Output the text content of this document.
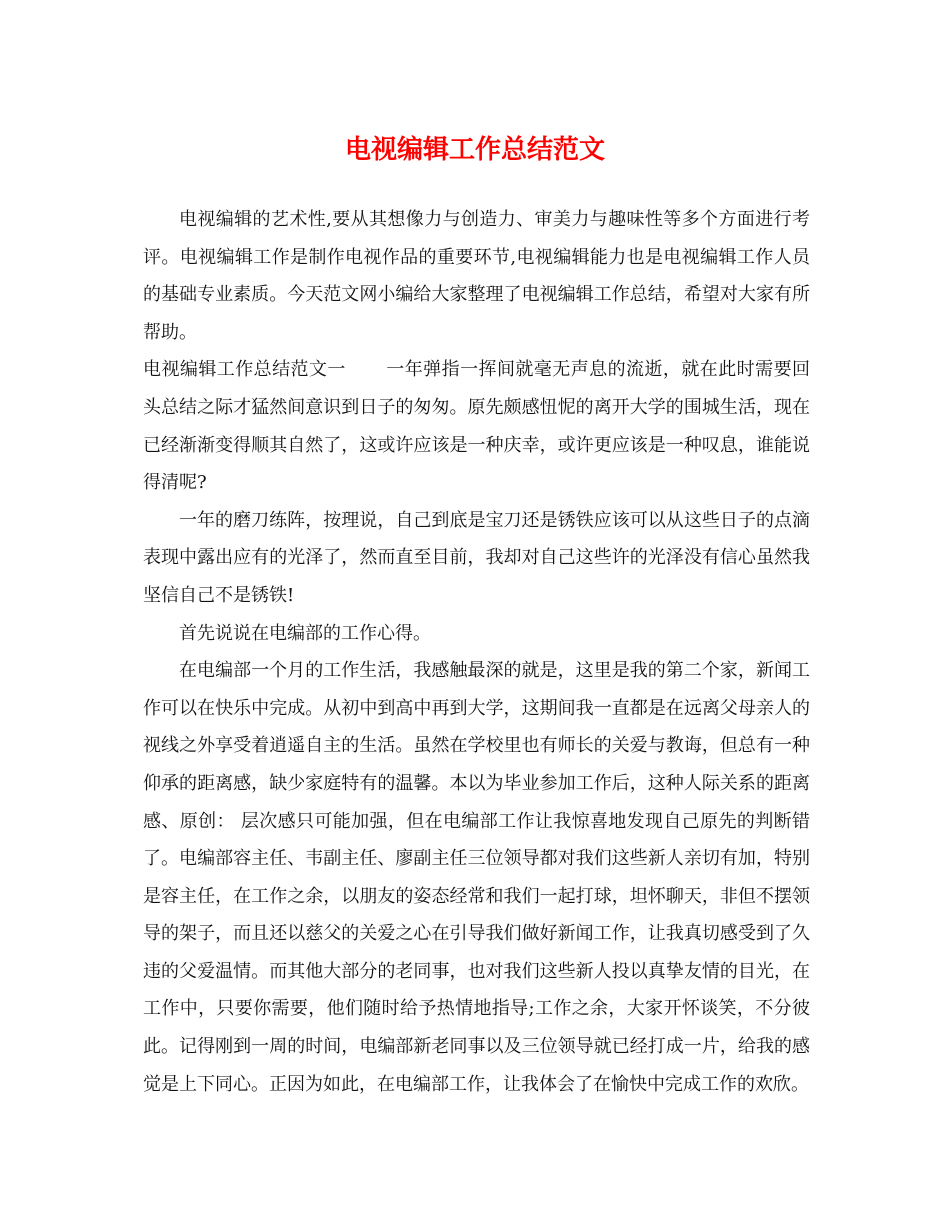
电视编辑工作总结范文

电视编辑的艺术性,要从其想像力与创造力、审美力与趣味性等多个方面进行考评。电视编辑工作是制作电视作品的重要环节,电视编辑能力也是电视编辑工作人员的基础专业素质。今天范文网小编给大家整理了电视编辑工作总结，希望对大家有所帮助。

电视编辑工作总结范文一 一年弹指一挥间就毫无声息的流逝，就在此时需要回头总结之际才猛然间意识到日子的匆匆。原先颇感忸怩的离开大学的围城生活，现在已经渐渐变得顺其自然了，这或许应该是一种庆幸，或许更应该是一种叹息，谁能说得清呢?

一年的磨刀练阵，按理说，自己到底是宝刀还是锈铁应该可以从这些日子的点滴表现中露出应有的光泽了，然而直至目前，我却对自己这些许的光泽没有信心虽然我坚信自己不是锈铁!

首先说说在电编部的工作心得。

在电编部一个月的工作生活，我感触最深的就是，这里是我的第二个家，新闻工作可以在快乐中完成。从初中到高中再到大学，这期间我一直都是在远离父母亲人的视线之外享受着逍遥自主的生活。虽然在学校里也有师长的关爱与教诲，但总有一种仰承的距离感，缺少家庭特有的温馨。本以为毕业参加工作后，这种人际关系的距离感、原创： 层次感只可能加强，但在电编部工作让我惊喜地发现自己原先的判断错了。电编部容主任、韦副主任、廖副主任三位领导都对我们这些新人亲切有加，特别是容主任，在工作之余，以朋友的姿态经常和我们一起打球，坦怀聊天，非但不摆领导的架子，而且还以慈父的关爱之心在引导我们做好新闻工作，让我真切感受到了久违的父爱温情。而其他大部分的老同事，也对我们这些新人投以真挚友情的目光，在工作中，只要你需要，他们随时给予热情地指导;工作之余，大家开怀谈笑，不分彼此。记得刚到一周的时间，电编部新老同事以及三位领导就已经打成一片，给我的感觉是上下同心。正因为如此，在电编部工作，让我体会了在愉快中完成工作的欢欣。
